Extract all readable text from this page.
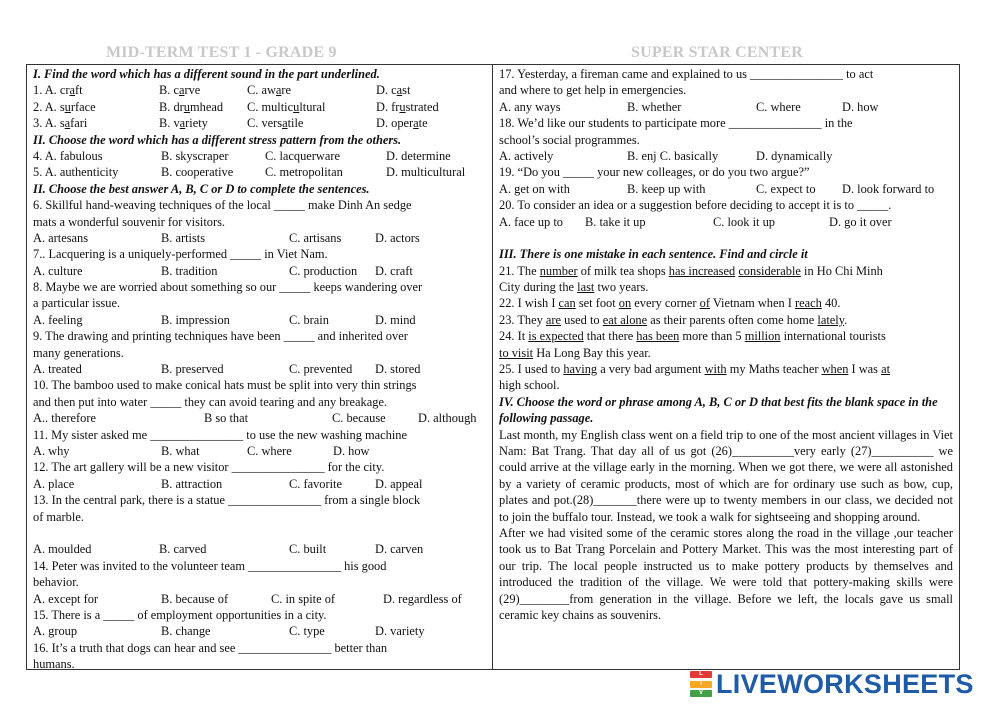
MID-TERM TEST 1 - GRADE 9	SUPER STAR CENTER
I. Find the word which has a different sound in the part underlined.
1. A. craft	B. carve	C. aware	D. cast
2. A. surface	B. drumhead	C. multicultural	D. frustrated
3. A. safari	B. variety	C. versatile	D. operate
II. Choose the word which has a different stress pattern from the others.
4. A. fabulous	B. skyscraper	C. lacquerware	D. determine
5. A. authenticity	B. cooperative	C. metropolitan	D. multicultural
II. Choose the best answer A, B, C or D to complete the sentences.
6. Skillful hand-weaving techniques of the local _____ make Dinh An sedge
mats a wonderful souvenir for visitors.
A. artesans	B. artists	C. artisans	D. actors
7.. Lacquering is a uniquely-performed _____ in Viet Nam.
A. culture	B. tradition	C. production	D. craft
8. Maybe we are worried about something so our _____ keeps wandering over
a particular issue.
A. feeling	B. impression	C. brain	D. mind
9. The drawing and printing techniques have been _____ and inherited over
many generations.
A. treated	B. preserved	C. prevented	D. stored
10. The bamboo used to make conical hats must be split into very thin strings
and then put into water _____ they can avoid tearing and any breakage.
A.. therefore	B so that	C. because	D. although
11. My sister asked me _______________ to use the new washing machine
A. why	B. what	C. where	D. how
12. The art gallery will be a new visitor _______________ for the city.
A. place	B. attraction	C. favorite	D. appeal
13. In the central park, there is a statue _______________ from a single block
of marble.
A. moulded	B. carved	C. built	D. carven
14. Peter was invited to the volunteer team _______________ his good
behavior.
A. except for	B. because of	C. in spite of	D. regardless of
15. There is a _____ of employment opportunities in a city.
A. group	B. change	C. type	D. variety
16. It’s a truth that dogs can hear and see _______________ better than
humans.
17. Yesterday, a fireman came and explained to us _______________ to act
and where to get help in emergencies.
A. any ways	B. whether	C. where	D. how
18. We’d like our students to participate more _______________ in the
school’s social programmes.
A. actively	B. enj C. basically	D. dynamically
19. “Do you _____ your new colleages, or do you two argue?”
A. get on with	B. keep up with	C. expect to	D. look forward to
20. To consider an idea or a suggestion before deciding to accept it is to _____.
A. face up to	B. take it up	C. look it up	D. go it over
III. There is one mistake in each sentence. Find and circle it
21. The number of milk tea shops has increased considerable in Ho Chi Minh
City during the last two years.
22. I wish I can set foot on every corner of Vietnam when I reach 40.
23. They are used to eat alone as their parents often come home lately.
24. It is expected that there has been more than 5 million international tourists
to visit Ha Long Bay this year.
25. I used to having a very bad argument with my Maths teacher when I was at
high school.
IV. Choose the word or phrase among A, B, C or D that best fits the blank space in the following passage.

Last month, my English class went on a field trip to one of the most ancient villages in Viet Nam: Bat Trang. That day all of us got (26)__________very early (27)__________ we could arrive at the village early in the morning. When we got there, we were all astonished by a variety of ceramic products, most of which are for ordinary use such as bow, cup, plates and pot.(28)_______there were up to twenty members in our class, we decided not to join the buffalo tour. Instead, we took a walk for sightseeing and shopping around.

After we had visited some of the ceramic stores along the road in the village ,our teacher took us to Bat Trang Porcelain and Pottery Market. This was the most interesting part of our trip. The local people instructed us to make pottery products by themselves and introduced the tradition of the village. We were told that pottery-making skills were (29)________from generation in the village. Before we left, the locals gave us small ceramic key chains as souvenirs.

L
I
V LIVEWORKSHEETS
